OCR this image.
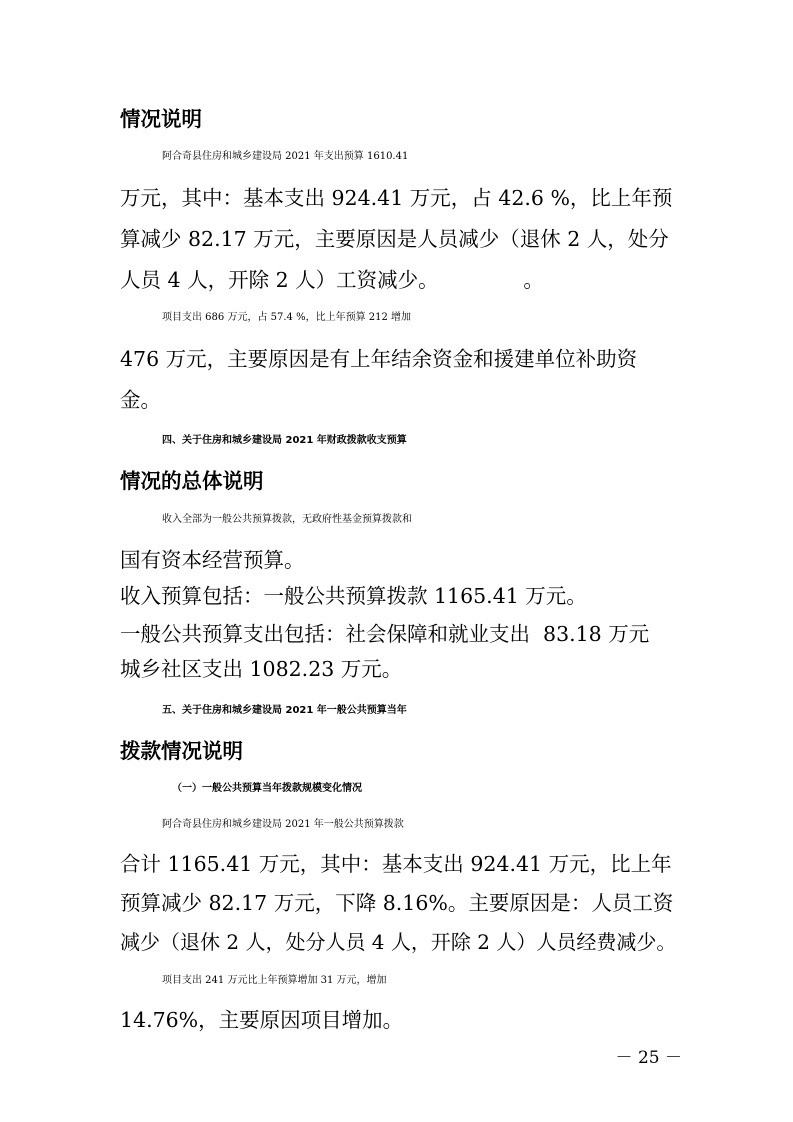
情况说明
阿合奇县住房和城乡建设局 2021 年支出预算 1610.41
万元，其中：基本支出 924.41 万元，占 42.6 %，比上年预
算减少 82.17 万元，主要原因是人员减少（退休 2 人，处分
人员 4 人，开除 2 人）工资减少。             。
项目支出 686 万元，占 57.4 %，比上年预算 212 增加
476 万元，主要原因是有上年结余资金和援建单位补助资
金。
四、关于住房和城乡建设局 2021 年财政拨款收支预算
情况的总体说明
收入全部为一般公共预算拨款，无政府性基金预算拨款和
国有资本经营预算。
收入预算包括：一般公共预算拨款 1165.41 万元。
一般公共预算支出包括：社会保障和就业支出  83.18 万元
城乡社区支出 1082.23 万元。
五、关于住房和城乡建设局 2021 年一般公共预算当年
拨款情况说明
（一）一般公共预算当年拨款规模变化情况
阿合奇县住房和城乡建设局 2021 年一般公共预算拨款
合计 1165.41 万元，其中：基本支出 924.41 万元，比上年
预算减少 82.17 万元，下降 8.16%。主要原因是：人员工资
减少（退休 2 人，处分人员 4 人，开除 2 人）人员经费减少。
项目支出 241 万元比上年预算增加 31 万元，增加
14.76%，主要原因项目增加。
－ 25 －
